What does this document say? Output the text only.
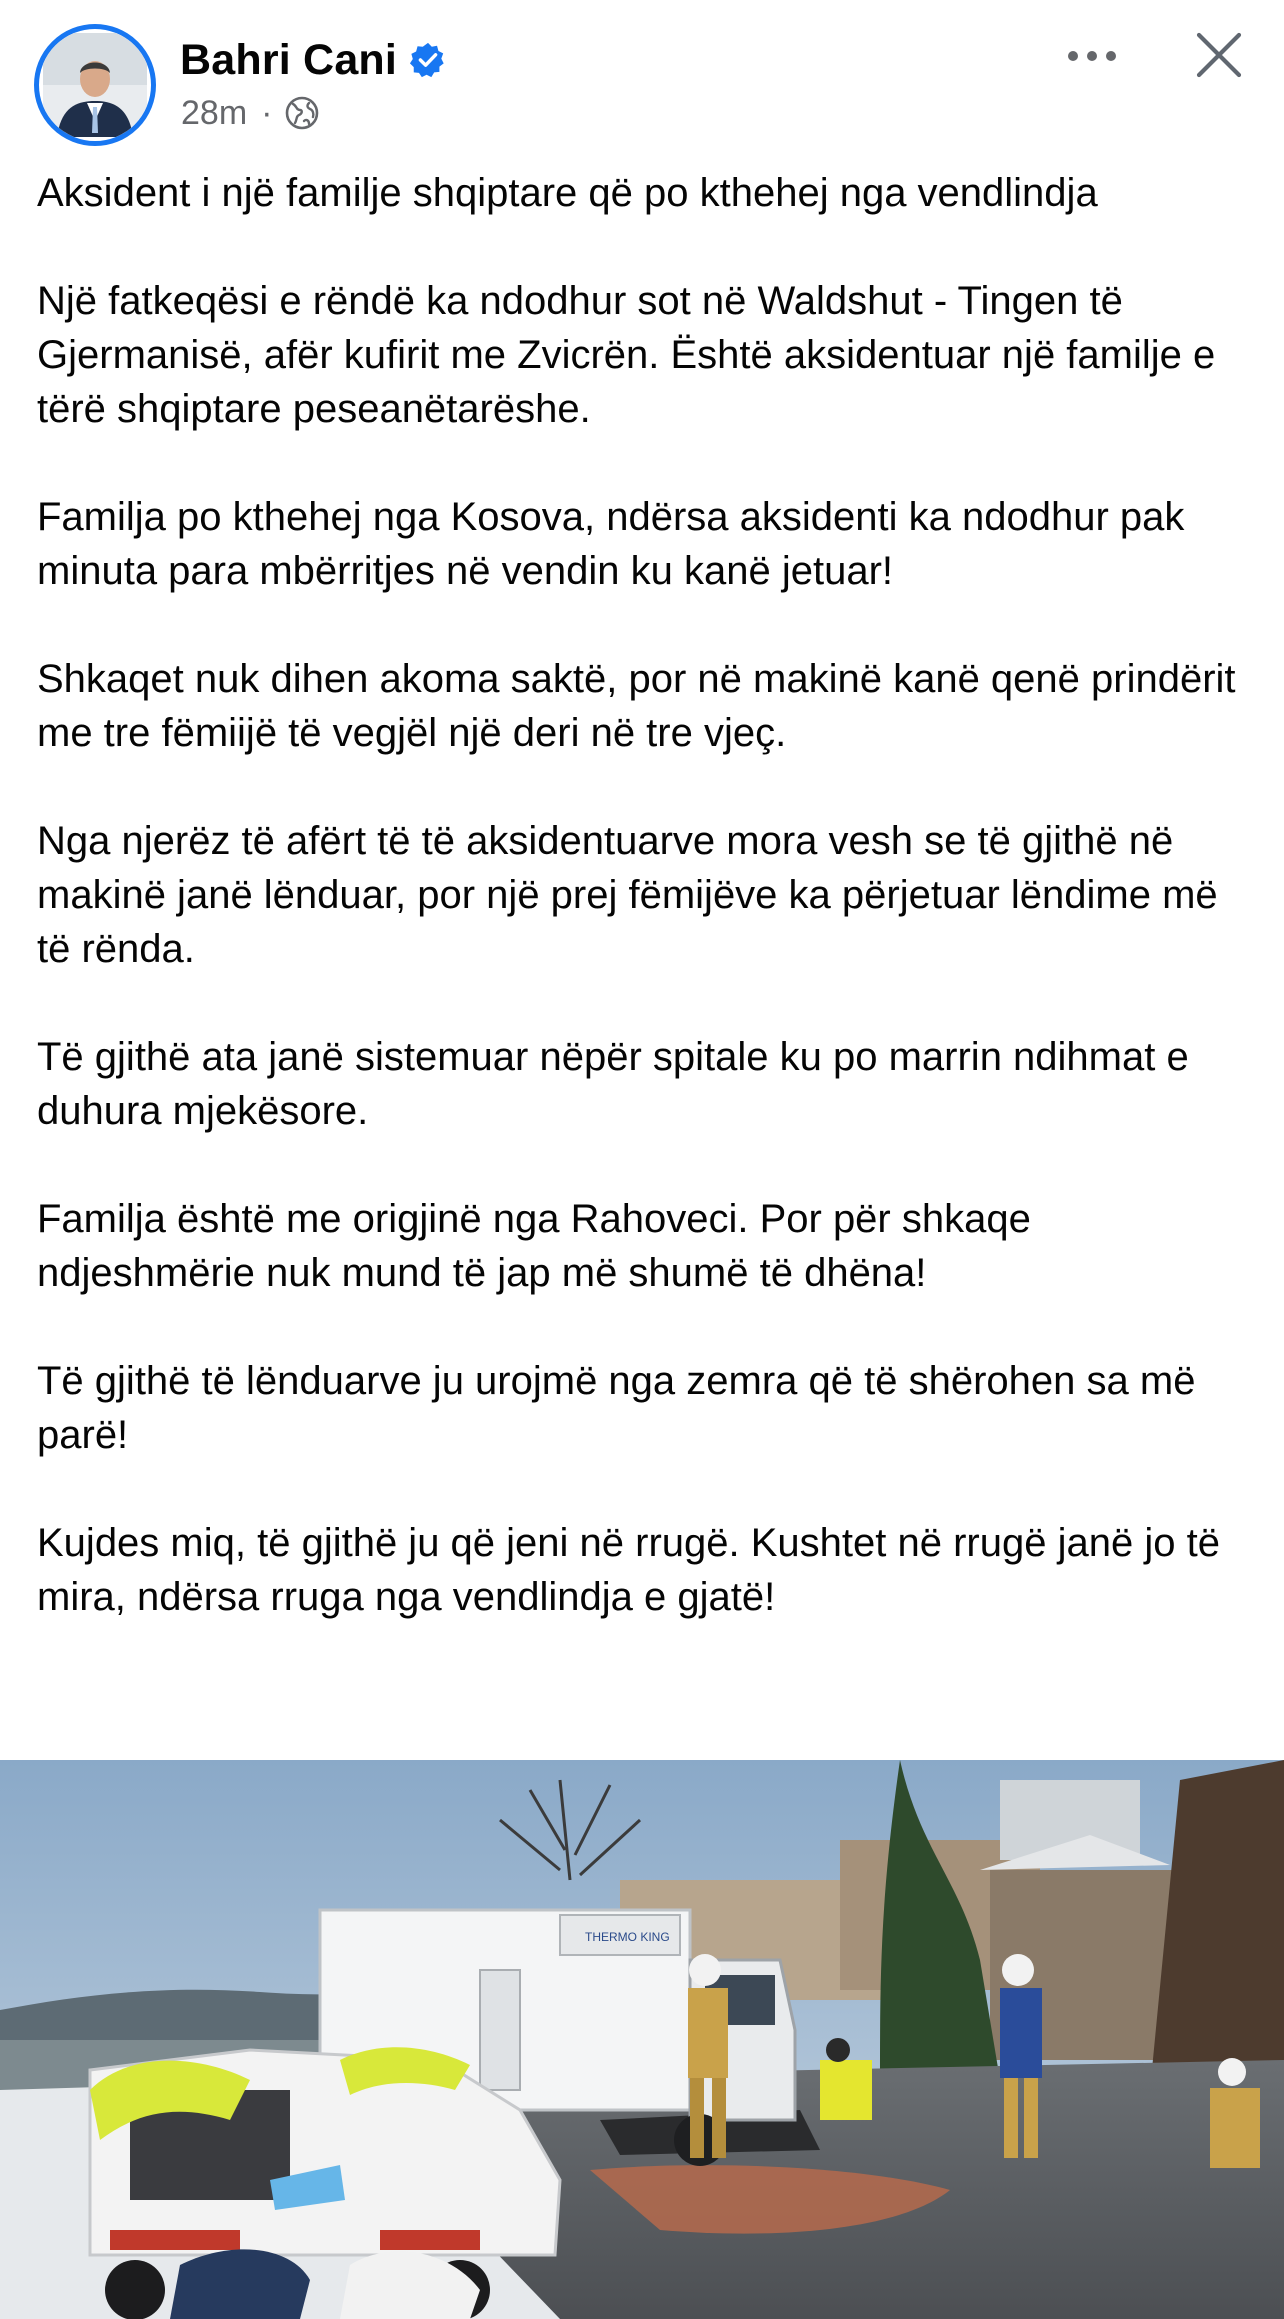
Bahri Cani
28m ·

Aksident i një familje shqiptare që po kthehej nga vendlindja

Një fatkeqësi e rëndë ka ndodhur sot në Waldshut - Tingen të Gjermanisë, afër kufirit me Zvicrën. Është aksidentuar një familje e tërë shqiptare peseanëtarëshe.

Familja po kthehej nga Kosova, ndërsa aksidenti ka ndodhur pak minuta para mbërritjes në vendin ku kanë jetuar!

Shkaqet nuk dihen akoma saktë, por në makinë kanë qenë prindërit me tre fëmiijë të vegjël një deri në tre vjeç.

Nga njerëz të afërt të të aksidentuarve mora vesh se të gjithë në makinë janë lënduar, por një prej fëmijëve ka përjetuar lëndime më të rënda.

Të gjithë ata janë sistemuar nëpër spitale ku po marrin ndihmat e duhura mjekësore.

Familja është me origjinë nga Rahoveci. Por për shkaqe ndjeshmërie nuk mund të jap më shumë të dhëna!

Të gjithë të lënduarve ju urojmë nga zemra që të shërohen sa më parë!

Kujdes miq, të gjithë ju që jeni në rrugë. Kushtet në rrugë janë jo të mira, ndërsa rruga nga vendlindja e gjatë!

THERMO KING
